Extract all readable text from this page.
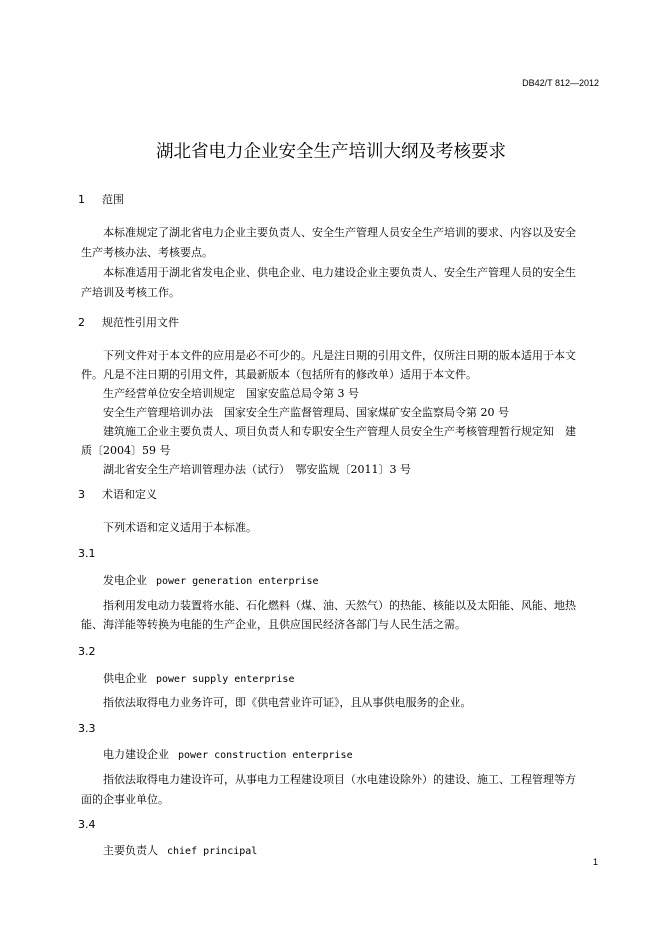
DB42/T 812—2012
湖北省电力企业安全生产培训大纲及考核要求
1 范围
本标准规定了湖北省电力企业主要负责人、安全生产管理人员安全生产培训的要求、内容以及安全
生产考核办法、考核要点。
本标准适用于湖北省发电企业、供电企业、电力建设企业主要负责人、安全生产管理人员的安全生
产培训及考核工作。
2 规范性引用文件
下列文件对于本文件的应用是必不可少的。凡是注日期的引用文件，仅所注日期的版本适用于本文
件。凡是不注日期的引用文件，其最新版本（包括所有的修改单）适用于本文件。
生产经营单位安全培训规定　国家安监总局令第 3 号
安全生产管理培训办法　国家安全生产监督管理局、国家煤矿安全监察局令第 20 号
建筑施工企业主要负责人、项目负责人和专职安全生产管理人员安全生产考核管理暂行规定知　建
质〔2004〕59 号
湖北省安全生产培训管理办法（试行）　鄂安监规〔2011〕3 号
3 术语和定义
下列术语和定义适用于本标准。
3.1
发电企业 power generation enterprise
指利用发电动力装置将水能、石化燃料（煤、油、天然气）的热能、核能以及太阳能、风能、地热
能、海洋能等转换为电能的生产企业，且供应国民经济各部门与人民生活之需。
3.2
供电企业 power supply enterprise
指依法取得电力业务许可，即《供电营业许可证》，且从事供电服务的企业。
3.3
电力建设企业 power construction enterprise
指依法取得电力建设许可，从事电力工程建设项目（水电建设除外）的建设、施工、工程管理等方
面的企事业单位。
3.4
主要负责人 chief principal
1
